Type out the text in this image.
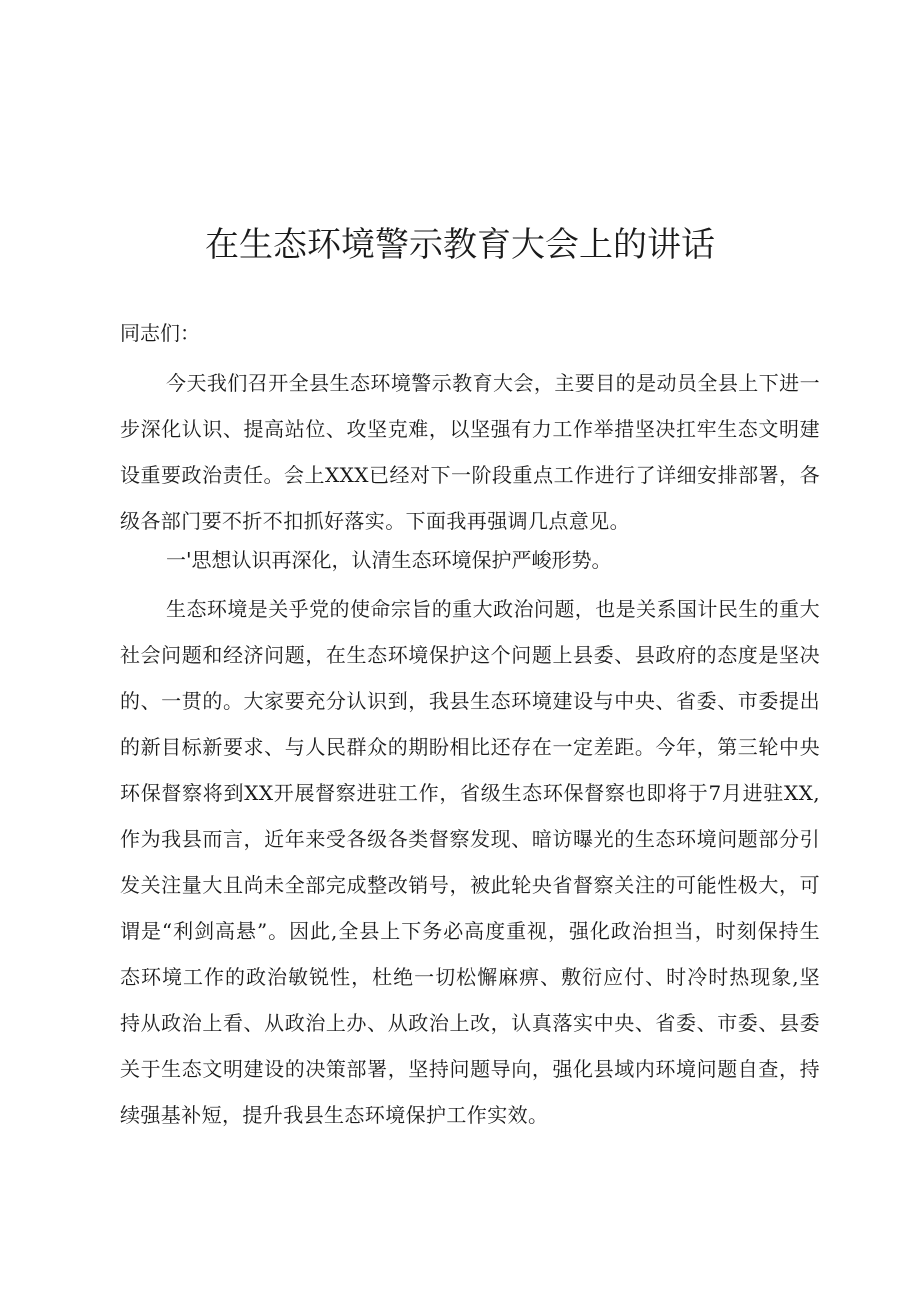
在生态环境警示教育大会上的讲话

同志们：

今天我们召开全县生态环境警示教育大会，主要目的是动员全县上下进一步深化认识、提高站位、攻坚克难，以坚强有力工作举措坚决扛牢生态文明建设重要政治责任。会上XXX已经对下一阶段重点工作进行了详细安排部署，各级各部门要不折不扣抓好落实。下面我再强调几点意见。

一'思想认识再深化，认清生态环境保护严峻形势。

生态环境是关乎党的使命宗旨的重大政治问题，也是关系国计民生的重大社会问题和经济问题，在生态环境保护这个问题上县委、县政府的态度是坚决的、一贯的。大家要充分认识到，我县生态环境建设与中央、省委、市委提出的新目标新要求、与人民群众的期盼相比还存在一定差距。今年，第三轮中央环保督察将到XX开展督察进驻工作，省级生态环保督察也即将于7月进驻XX,作为我县而言，近年来受各级各类督察发现、暗访曝光的生态环境问题部分引发关注量大且尚未全部完成整改销号，被此轮央省督察关注的可能性极大，可谓是“利剑高悬”。因此,全县上下务必高度重视，强化政治担当，时刻保持生态环境工作的政治敏锐性，杜绝一切松懈麻痹、敷衍应付、时冷时热现象,坚持从政治上看、从政治上办、从政治上改，认真落实中央、省委、市委、县委关于生态文明建设的决策部署，坚持问题导向，强化县域内环境问题自查，持续强基补短，提升我县生态环境保护工作实效。
